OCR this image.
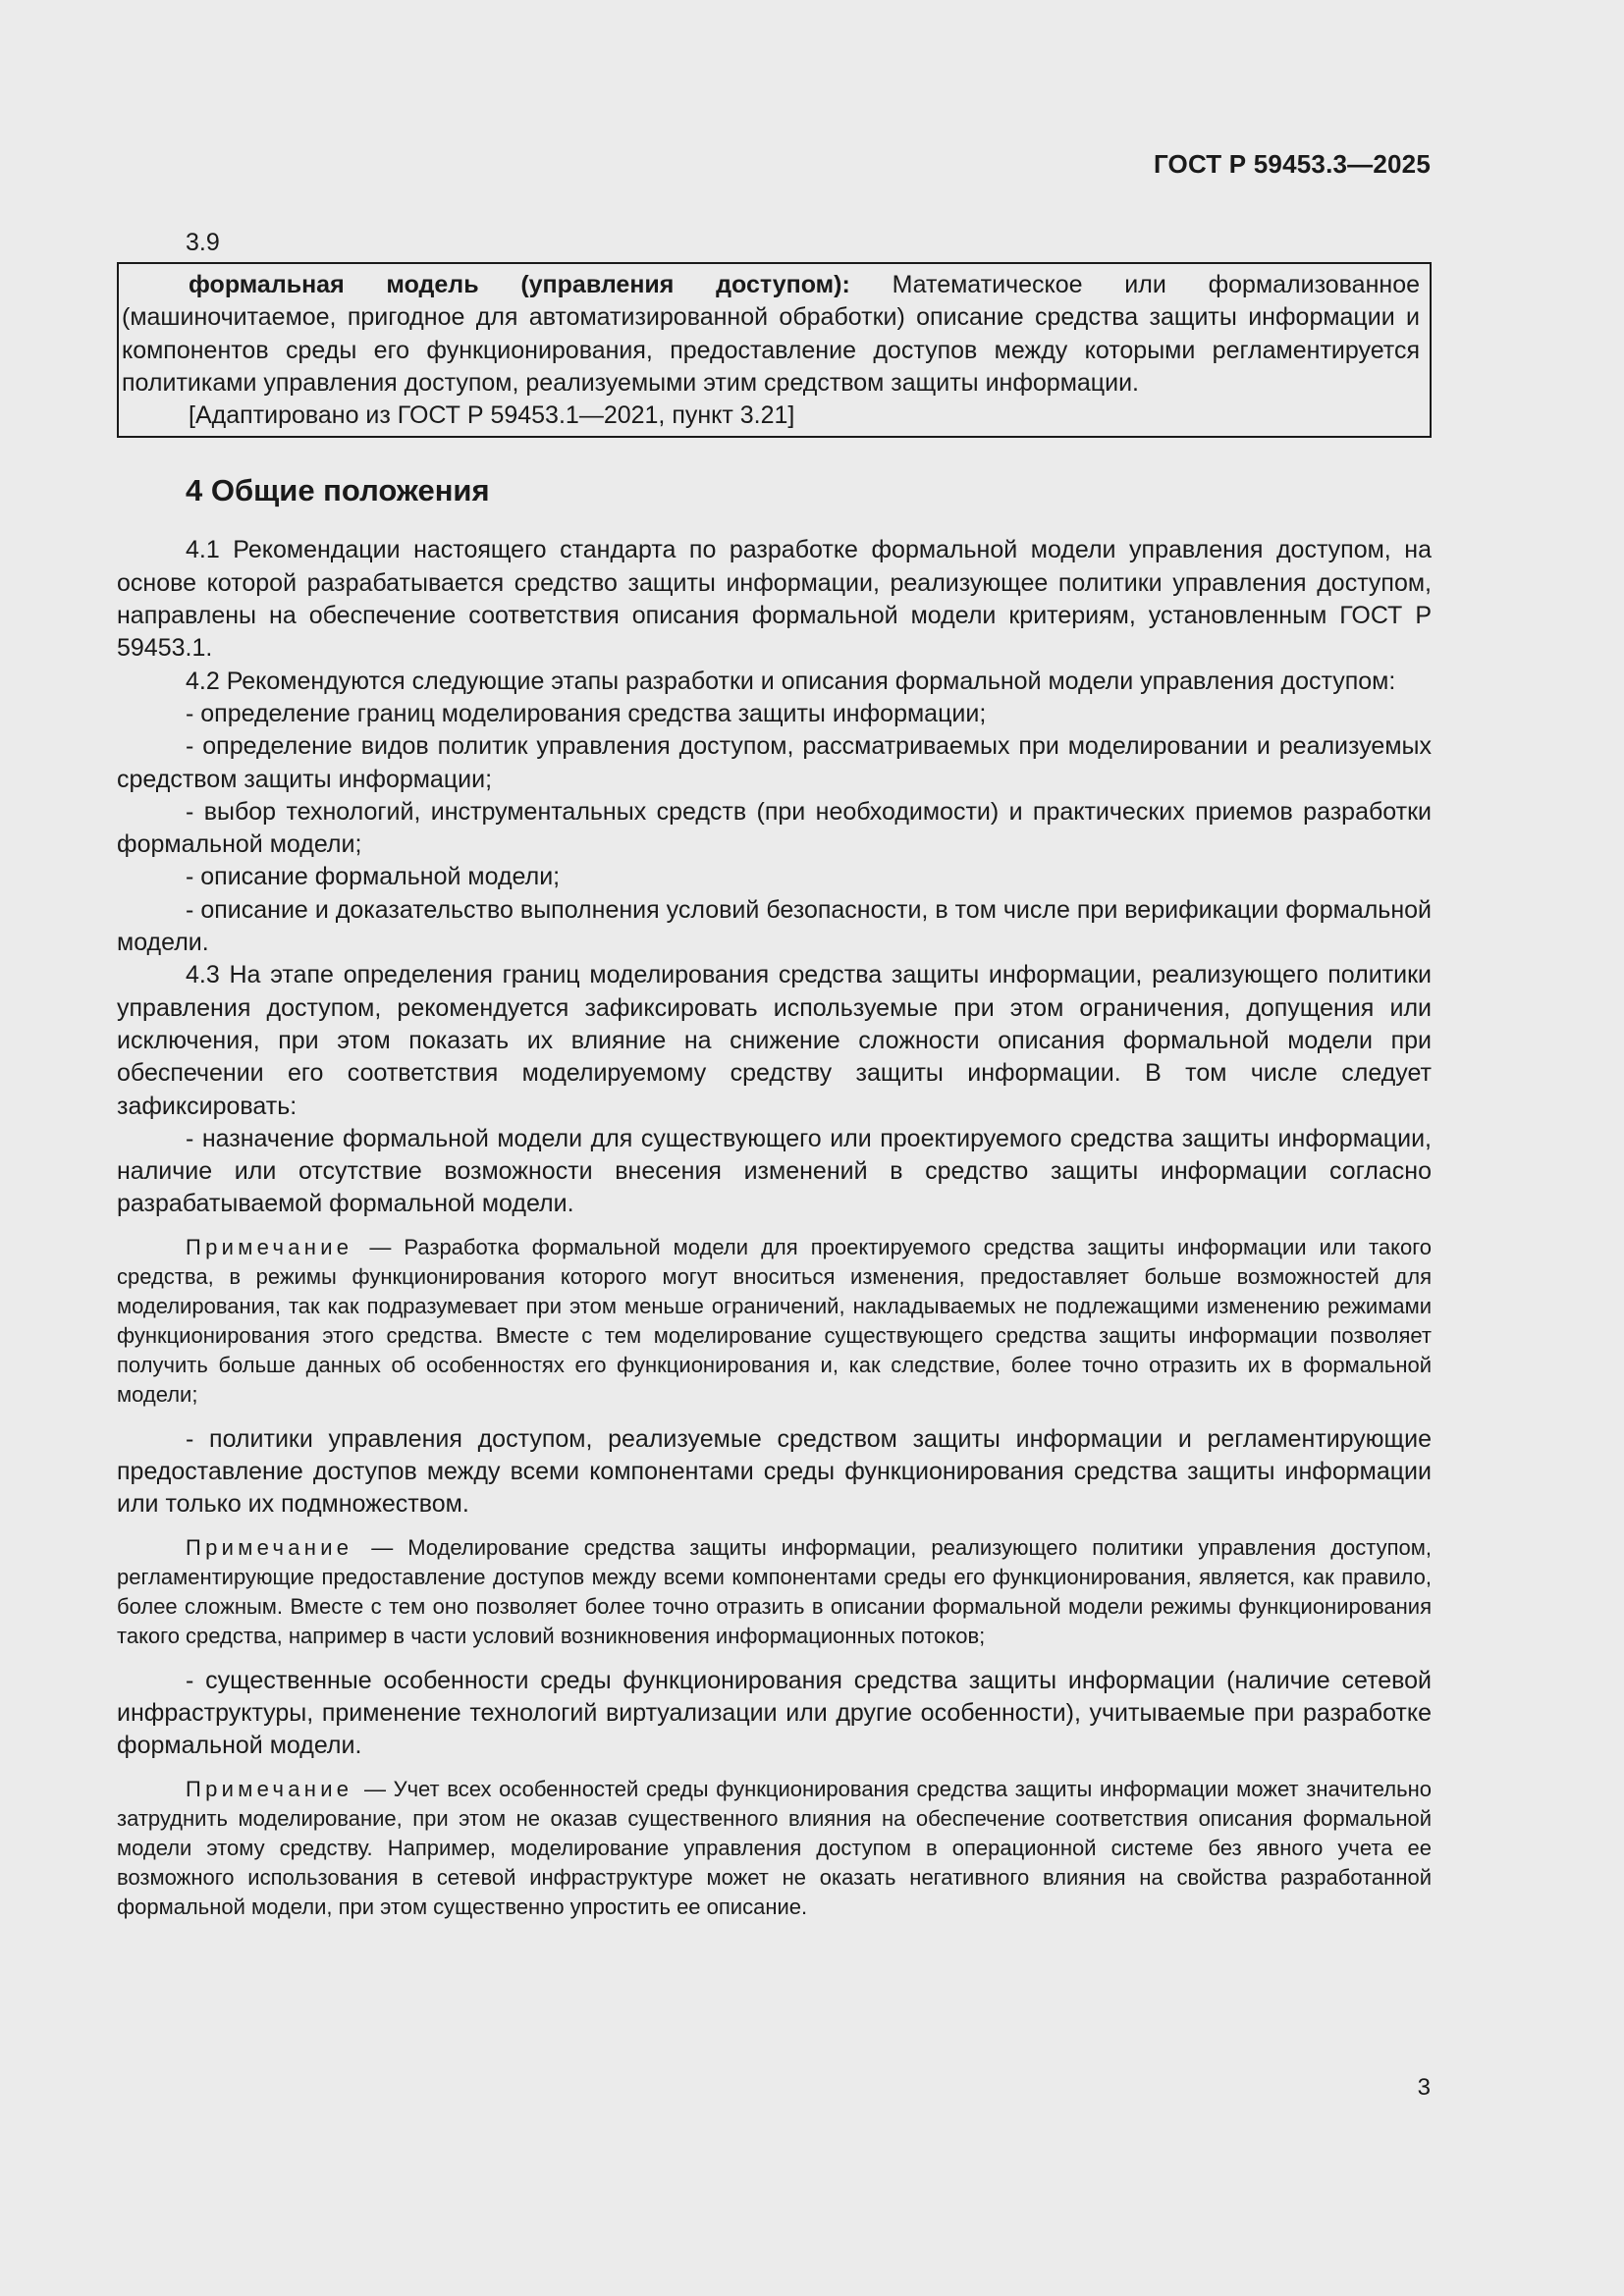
ГОСТ Р 59453.3—2025
3.9

формальная модель (управления доступом): Математическое или формализованное (машиночитаемое, пригодное для автоматизированной обработки) описание средства защиты информации и компонентов среды его функционирования, предоставление доступов между которыми регламентируется политиками управления доступом, реализуемыми этим средством защиты информации.

[Адаптировано из ГОСТ Р 59453.1—2021, пункт 3.21]

4 Общие положения

4.1 Рекомендации настоящего стандарта по разработке формальной модели управления доступом, на основе которой разрабатывается средство защиты информации, реализующее политики управления доступом, направлены на обеспечение соответствия описания формальной модели критериям, установленным ГОСТ Р 59453.1.

4.2 Рекомендуются следующие этапы разработки и описания формальной модели управления доступом:

- определение границ моделирования средства защиты информации;

- определение видов политик управления доступом, рассматриваемых при моделировании и реализуемых средством защиты информации;

- выбор технологий, инструментальных средств (при необходимости) и практических приемов разработки формальной модели;

- описание формальной модели;

- описание и доказательство выполнения условий безопасности, в том числе при верификации формальной модели.

4.3 На этапе определения границ моделирования средства защиты информации, реализующего политики управления доступом, рекомендуется зафиксировать используемые при этом ограничения, допущения или исключения, при этом показать их влияние на снижение сложности описания формальной модели при обеспечении его соответствия моделируемому средству защиты информации. В том числе следует зафиксировать:

- назначение формальной модели для существующего или проектируемого средства защиты информации, наличие или отсутствие возможности внесения изменений в средство защиты информации согласно разрабатываемой формальной модели.

Примечание — Разработка формальной модели для проектируемого средства защиты информации или такого средства, в режимы функционирования которого могут вноситься изменения, предоставляет больше возможностей для моделирования, так как подразумевает при этом меньше ограничений, накладываемых не подлежащими изменению режимами функционирования этого средства. Вместе с тем моделирование существующего средства защиты информации позволяет получить больше данных об особенностях его функционирования и, как следствие, более точно отразить их в формальной модели;

- политики управления доступом, реализуемые средством защиты информации и регламентирующие предоставление доступов между всеми компонентами среды функционирования средства защиты информации или только их подмножеством.

Примечание — Моделирование средства защиты информации, реализующего политики управления доступом, регламентирующие предоставление доступов между всеми компонентами среды его функционирования, является, как правило, более сложным. Вместе с тем оно позволяет более точно отразить в описании формальной модели режимы функционирования такого средства, например в части условий возникновения информационных потоков;

- существенные особенности среды функционирования средства защиты информации (наличие сетевой инфраструктуры, применение технологий виртуализации или другие особенности), учитываемые при разработке формальной модели.

Примечание — Учет всех особенностей среды функционирования средства защиты информации может значительно затруднить моделирование, при этом не оказав существенного влияния на обеспечение соответствия описания формальной модели этому средству. Например, моделирование управления доступом в операционной системе без явного учета ее возможного использования в сетевой инфраструктуре может не оказать негативного влияния на свойства разработанной формальной модели, при этом существенно упростить ее описание.

3
